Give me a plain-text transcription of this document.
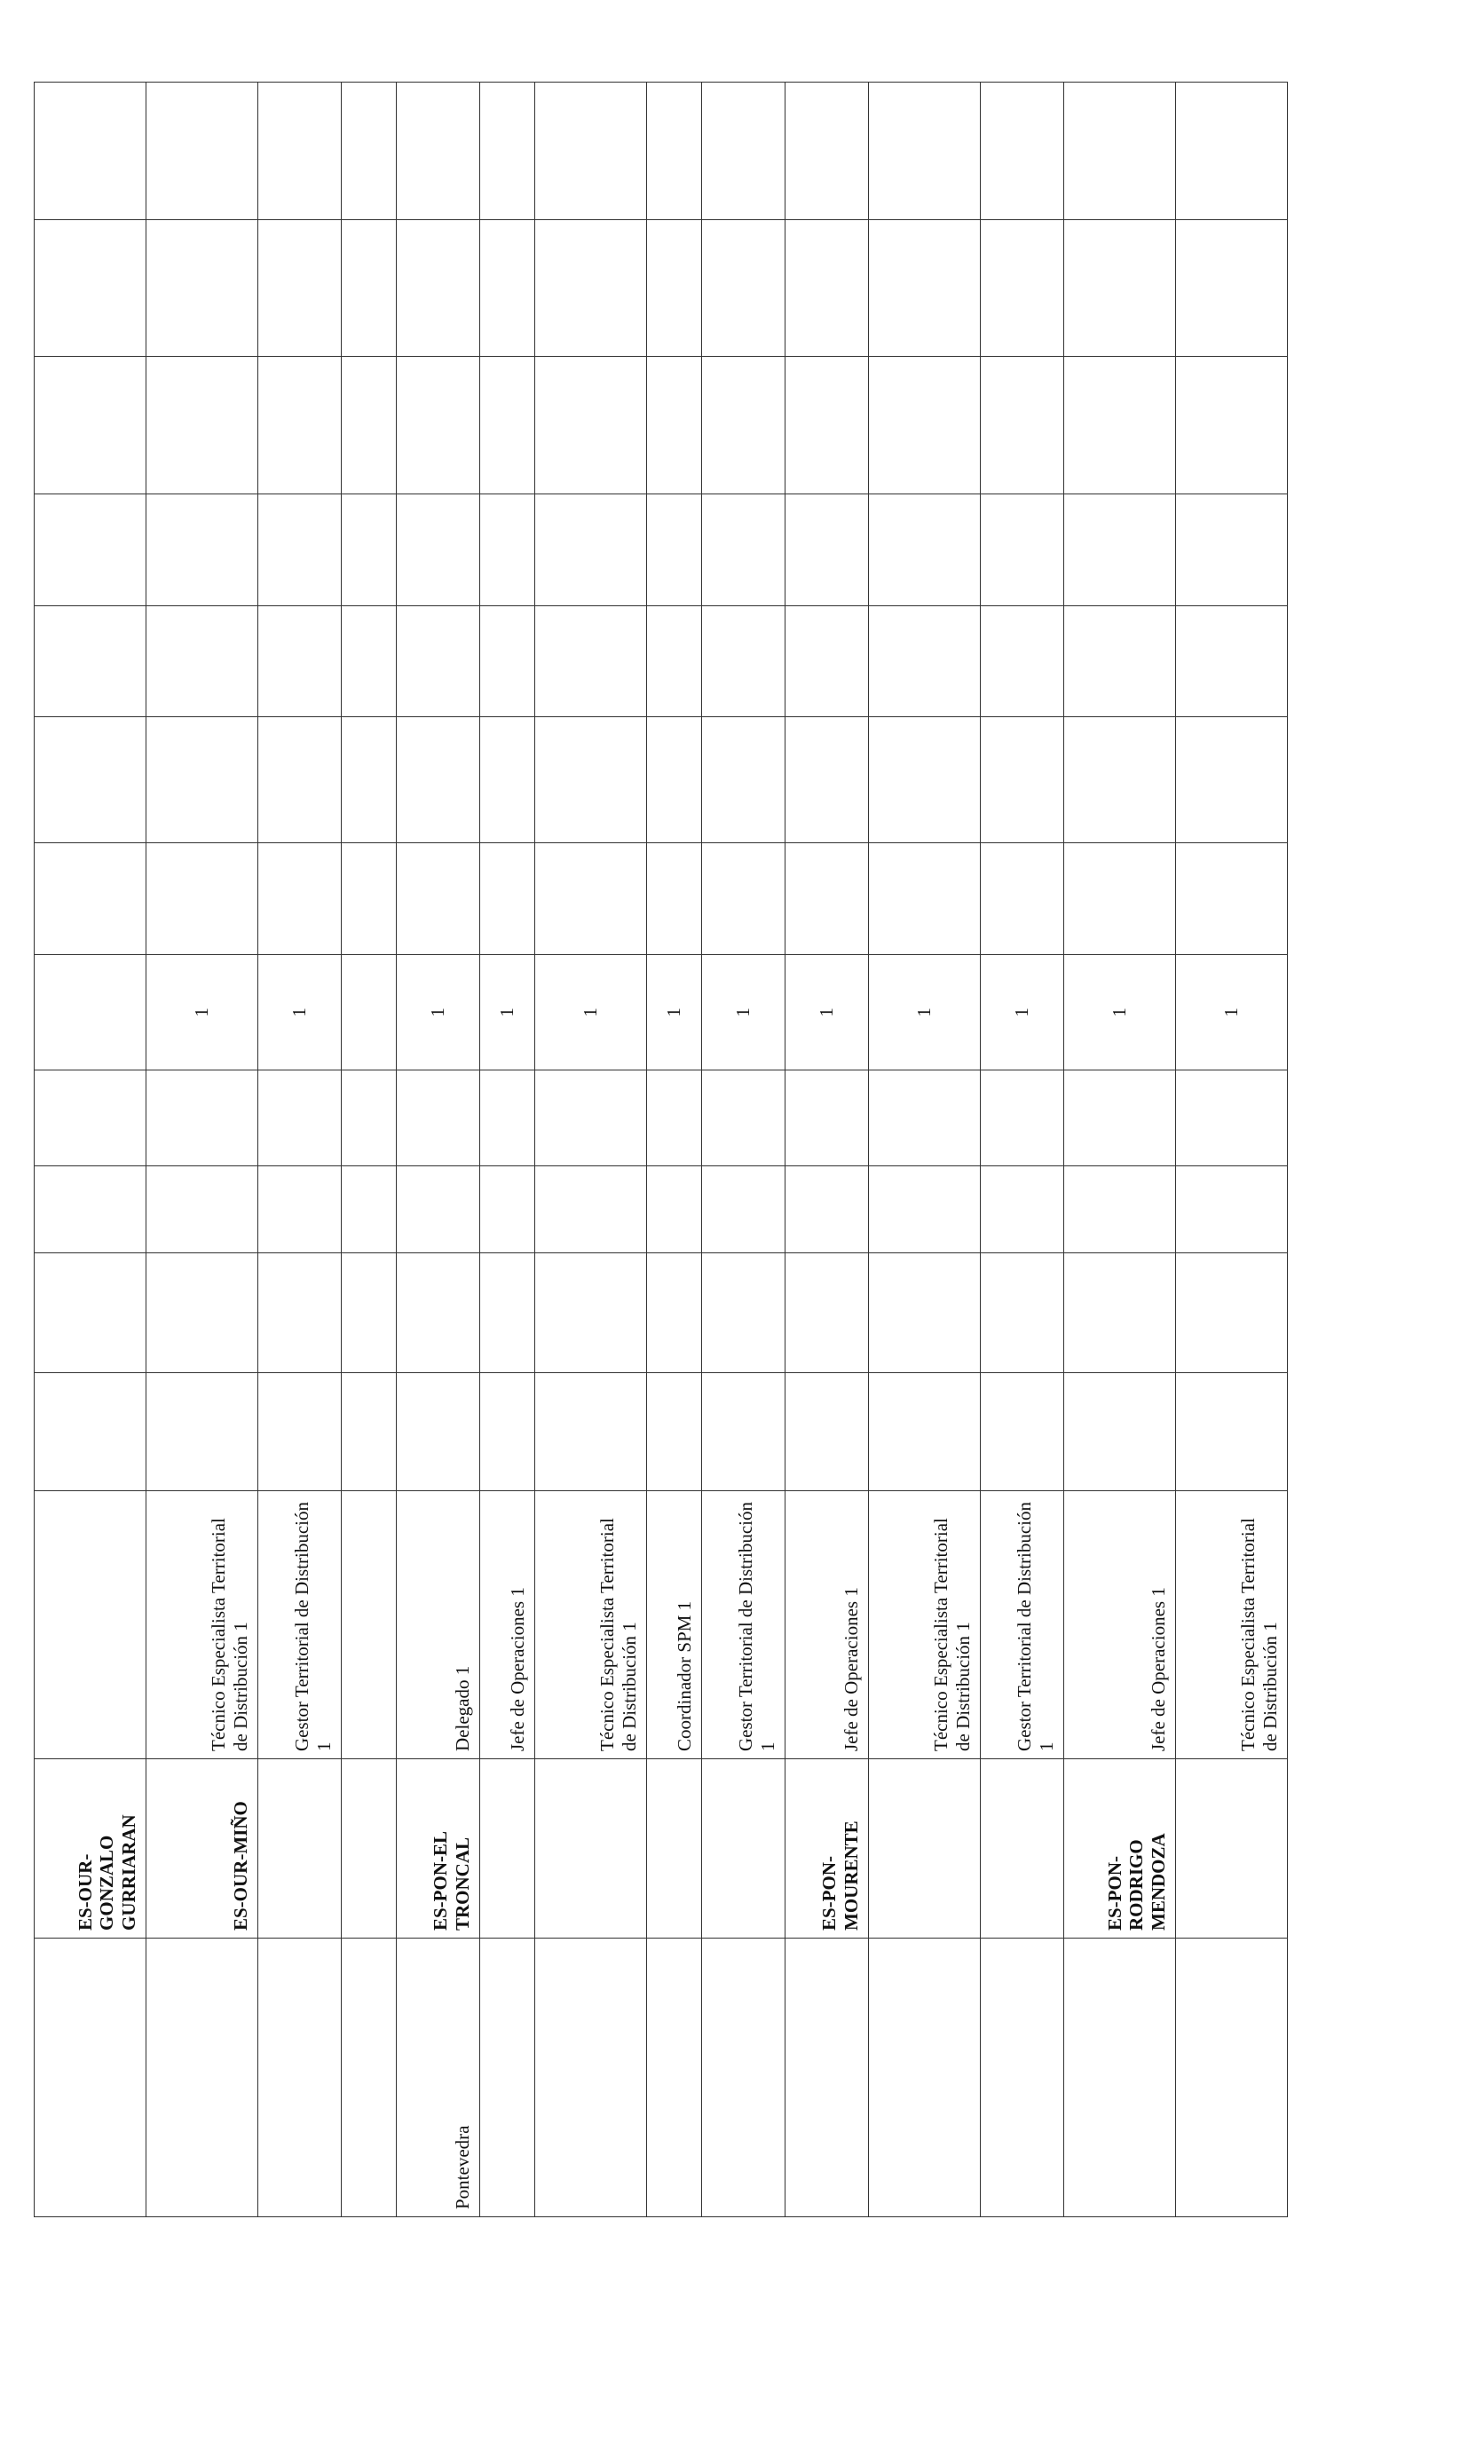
	ES-OUR-GONZALO GURRIARAN													

	ES-OUR-MIÑO	Técnico Especialista Territorial de Distribución 1					1							

		Gestor Territorial de Distribución 1					1							

Pontevedra	ES-PON-EL TRONCAL	Delegado 1					1							

		Jefe de Operaciones 1					1							

		Técnico Especialista Territorial de Distribución 1					1							

		Coordinador SPM 1					1							

		Gestor Territorial de Distribución 1					1							

	ES-PON-MOURENTE	Jefe de Operaciones 1					1							

		Técnico Especialista Territorial de Distribución 1					1							

		Gestor Territorial de Distribución 1					1							

	ES-PON-RODRIGO MENDOZA	Jefe de Operaciones 1					1							

		Técnico Especialista Territorial de Distribución 1					1							
